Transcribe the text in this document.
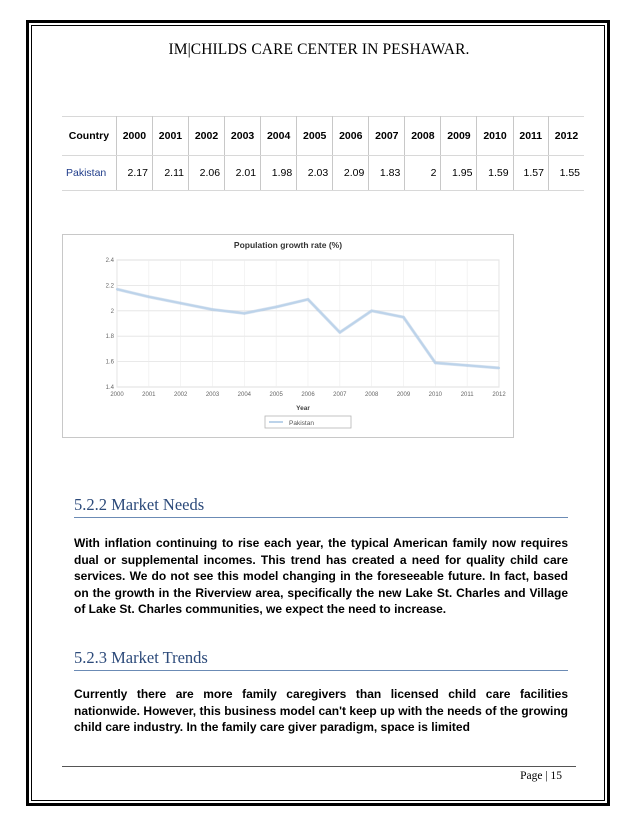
IM|CHILDS CARE CENTER IN PESHAWAR.
Country	2000	2001	2002	2003	2004	2005	2006	2007	2008	2009	2010	2011	2012
Pakistan	2.17	2.11	2.06	2.01	1.98	2.03	2.09	1.83	2	1.95	1.59	1.57	1.55
Population growth rate (%)
2.4
2.2
2
1.8
1.6
1.4
2000	2001	2002	2003	2004	2005	2006	2007	2008	2009	2010	2011	2012
Year
Pakistan
5.2.2 Market Needs
With inflation continuing to rise each year, the typical American family now requires dual or supplemental incomes. This trend has created a need for quality child care services. We do not see this model changing in the foreseeable future. In fact, based on the growth in the Riverview area, specifically the new Lake St. Charles and Village of Lake St. Charles communities, we expect the need to increase.
5.2.3 Market Trends
Currently there are more family caregivers than licensed child care facilities nationwide. However, this business model can't keep up with the needs of the growing child care industry. In the family care giver paradigm, space is limited
Page | 15
